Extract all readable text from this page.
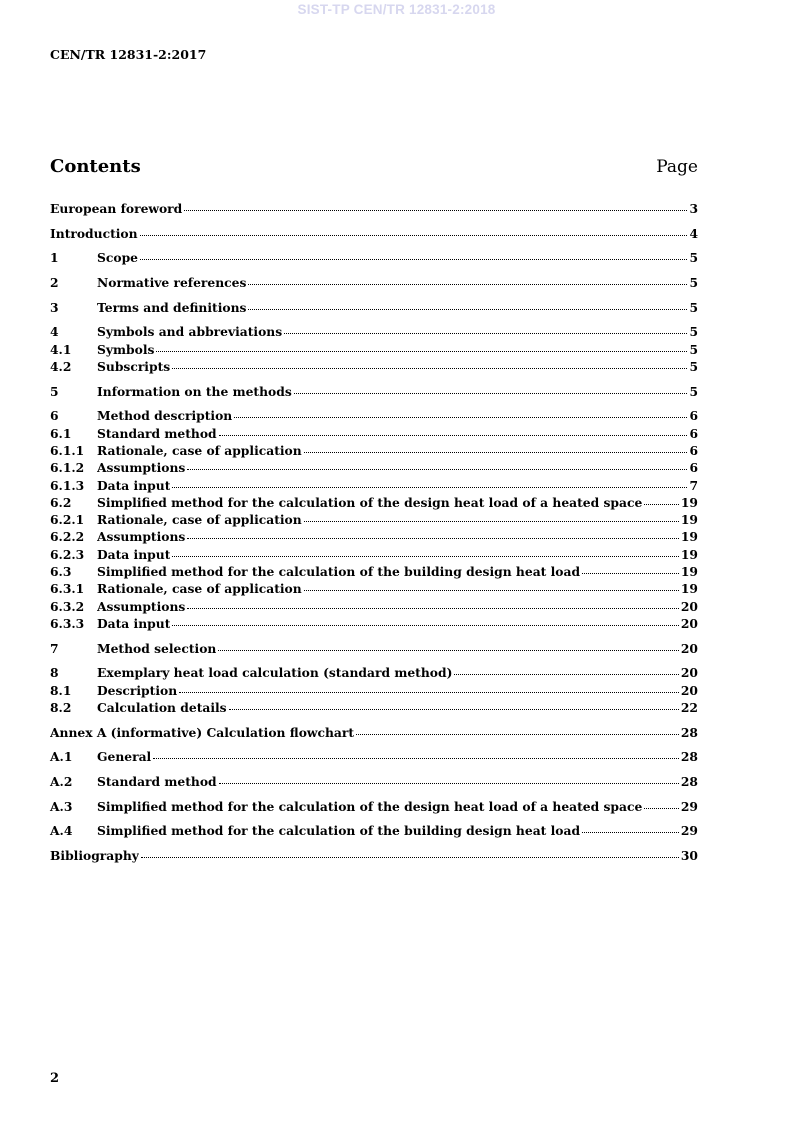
SIST-TP CEN/TR 12831-2:2018
CEN/TR 12831-2:2017
Contents	Page
European foreword	3
Introduction	4
1	Scope	5
2	Normative references	5
3	Terms and definitions	5
4	Symbols and abbreviations	5
4.1	Symbols	5
4.2	Subscripts	5
5	Information on the methods	5
6	Method description	6
6.1	Standard method	6
6.1.1	Rationale, case of application	6
6.1.2	Assumptions	6
6.1.3	Data input	7
6.2	Simplified method for the calculation of the design heat load of a heated space	19
6.2.1	Rationale, case of application	19
6.2.2	Assumptions	19
6.2.3	Data input	19
6.3	Simplified method for the calculation of the building design heat load	19
6.3.1	Rationale, case of application	19
6.3.2	Assumptions	20
6.3.3	Data input	20
7	Method selection	20
8	Exemplary heat load calculation (standard method)	20
8.1	Description	20
8.2	Calculation details	22
Annex A (informative) Calculation flowchart	28
A.1	General	28
A.2	Standard method	28
A.3	Simplified method for the calculation of the design heat load of a heated space	29
A.4	Simplified method for the calculation of the building design heat load	29
Bibliography	30
2
